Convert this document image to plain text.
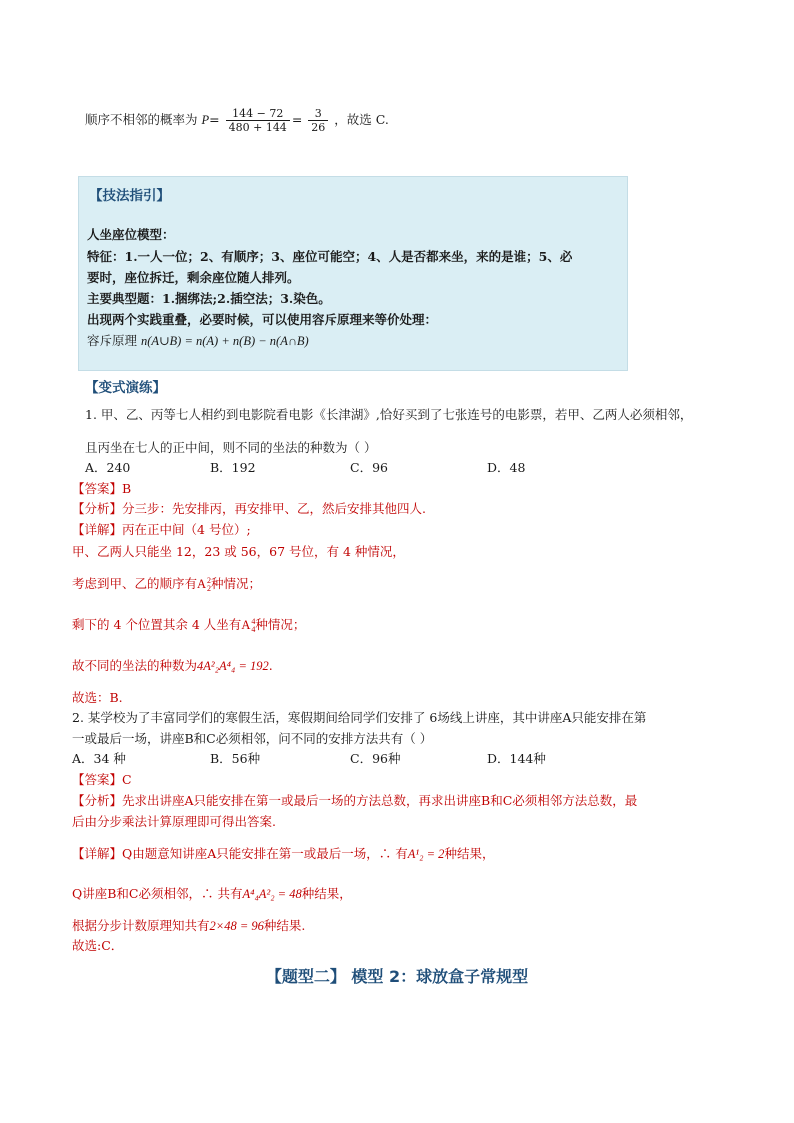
顺序不相邻的概率为 $P= \frac{144 - 72}{480 + 144} = \frac{3}{26}$ ，故选 C.
【技法指引】
人坐座位模型：
特征：1.一人一位；2、有顺序；3、座位可能空；4、人是否都来坐，来的是谁；5、必
要时，座位拆迁，剩余座位随人排列。
主要典型题：1.捆绑法;2.插空法；3.染色。
出现两个实践重叠，必要时候，可以使用容斥原理来等价处理：
容斥原理 n(A∪B) = n(A) + n(B) − n(A∩B)
【变式演练】
1. 甲、乙、丙等七人相约到电影院看电影《长津湖》,恰好买到了七张连号的电影票，若甲、乙两人必须相邻，
且丙坐在七人的正中间，则不同的坐法的种数为（ ）
A．240	B．192	C．96	D．48
【答案】B
【分析】分三步：先安排丙，再安排甲、乙，然后安排其他四人.
【详解】丙在正中间（4 号位）;
甲、乙两人只能坐 12，23 或 56，67 号位，有 4 种情况，
考虑到甲、乙的顺序有A 2
2 种情况；
剩下的 4 个位置其余 4 人坐有A 4
4 种情况；
故不同的坐法的种数为4A²₂A⁴₄ = 192.
故选：B.
2. 某学校为了丰富同学们的寒假生活，寒假期间给同学们安排了 6场线上讲座，其中讲座A只能安排在第
一或最后一场，讲座B和C必须相邻，问不同的安排方法共有（ ）
A．34 种	B．56种	C．96种	D．144种
【答案】C
【分析】先求出讲座A只能安排在第一或最后一场的方法总数，再求出讲座B和C必须相邻方法总数，最
后由分步乘法计算原理即可得出答案.
【详解】Q由题意知讲座A只能安排在第一或最后一场，∴ 有A¹₂ = 2种结果，
Q讲座B和C必须相邻，∴ 共有A⁴₄A²₂ = 48种结果，
根据分步计数原理知共有2×48 = 96种结果.
故选:C．
【题型二】 模型 2：球放盒子常规型
